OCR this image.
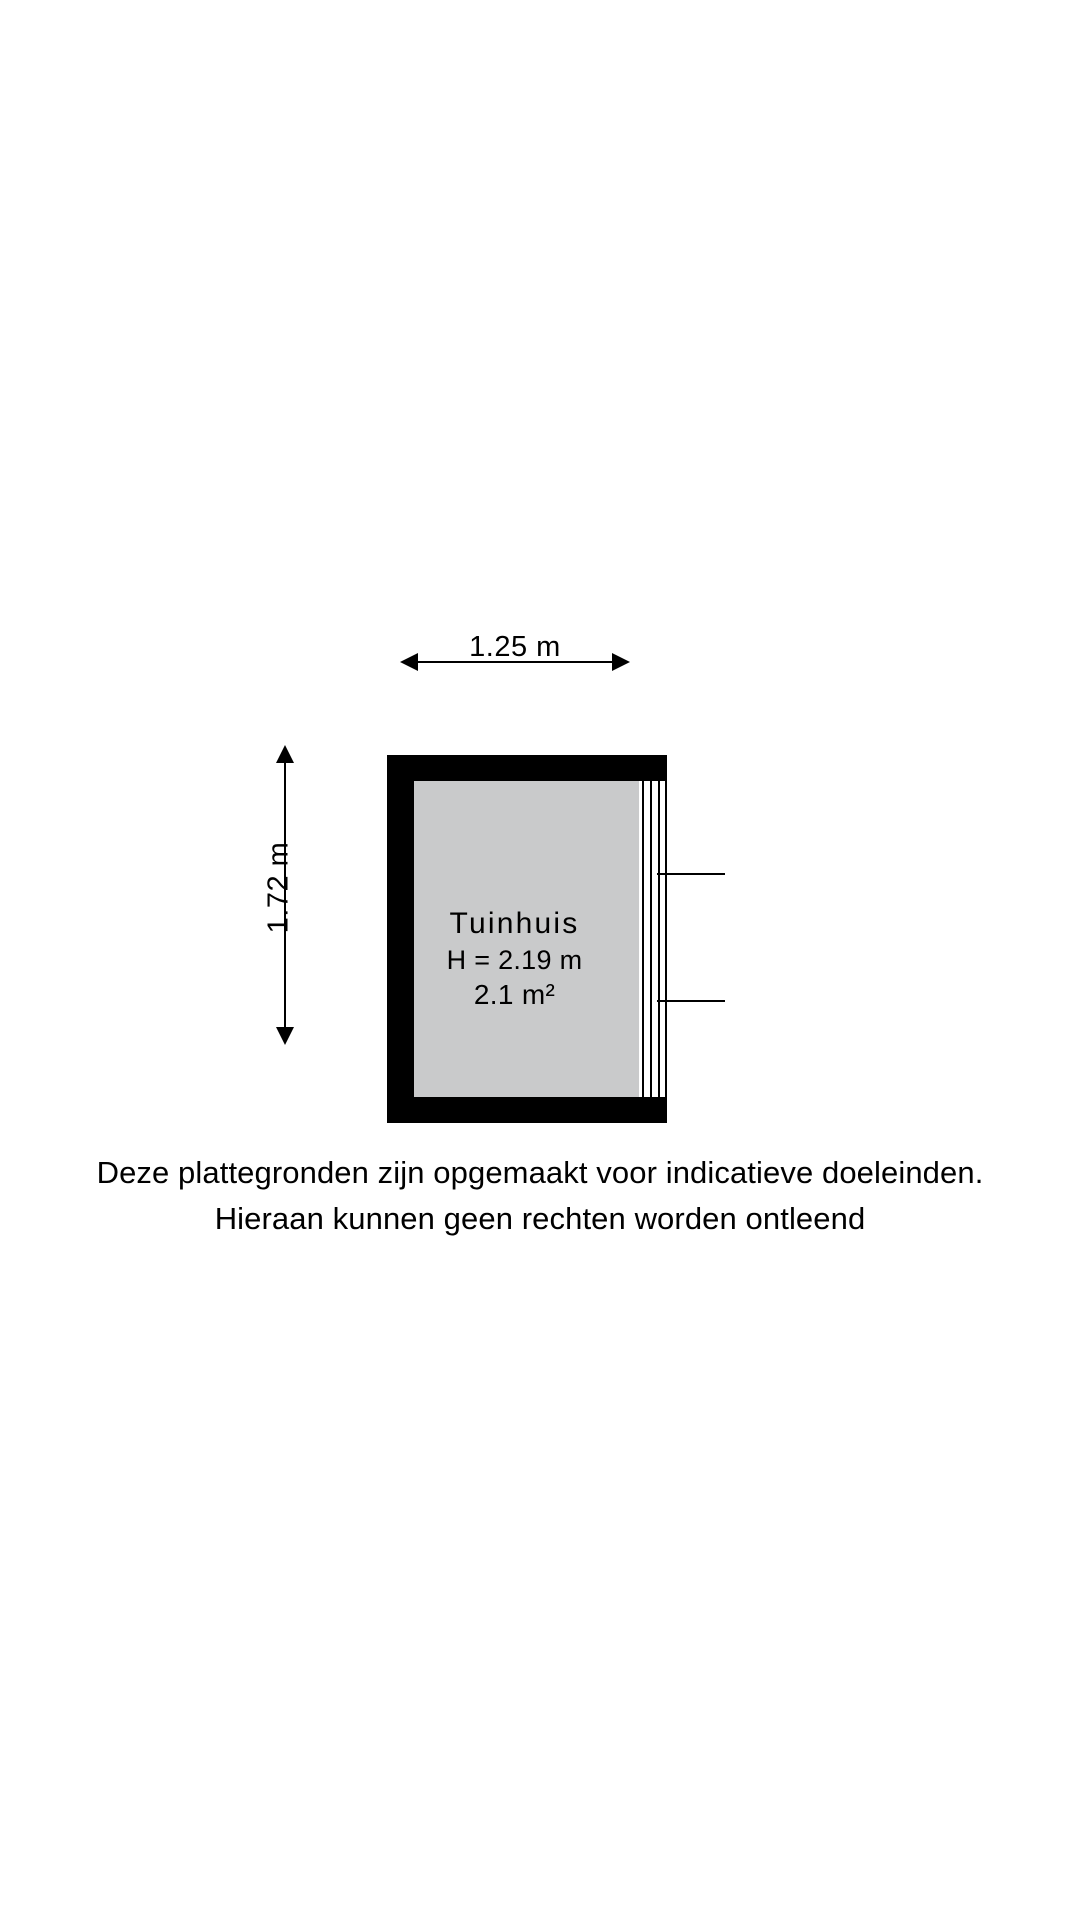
1.25 m
1.72 m	Tuinhuis
H = 2.19 m
2.1 m²
Deze plattegronden zijn opgemaakt voor indicatieve doeleinden.
Hieraan kunnen geen rechten worden ontleend
